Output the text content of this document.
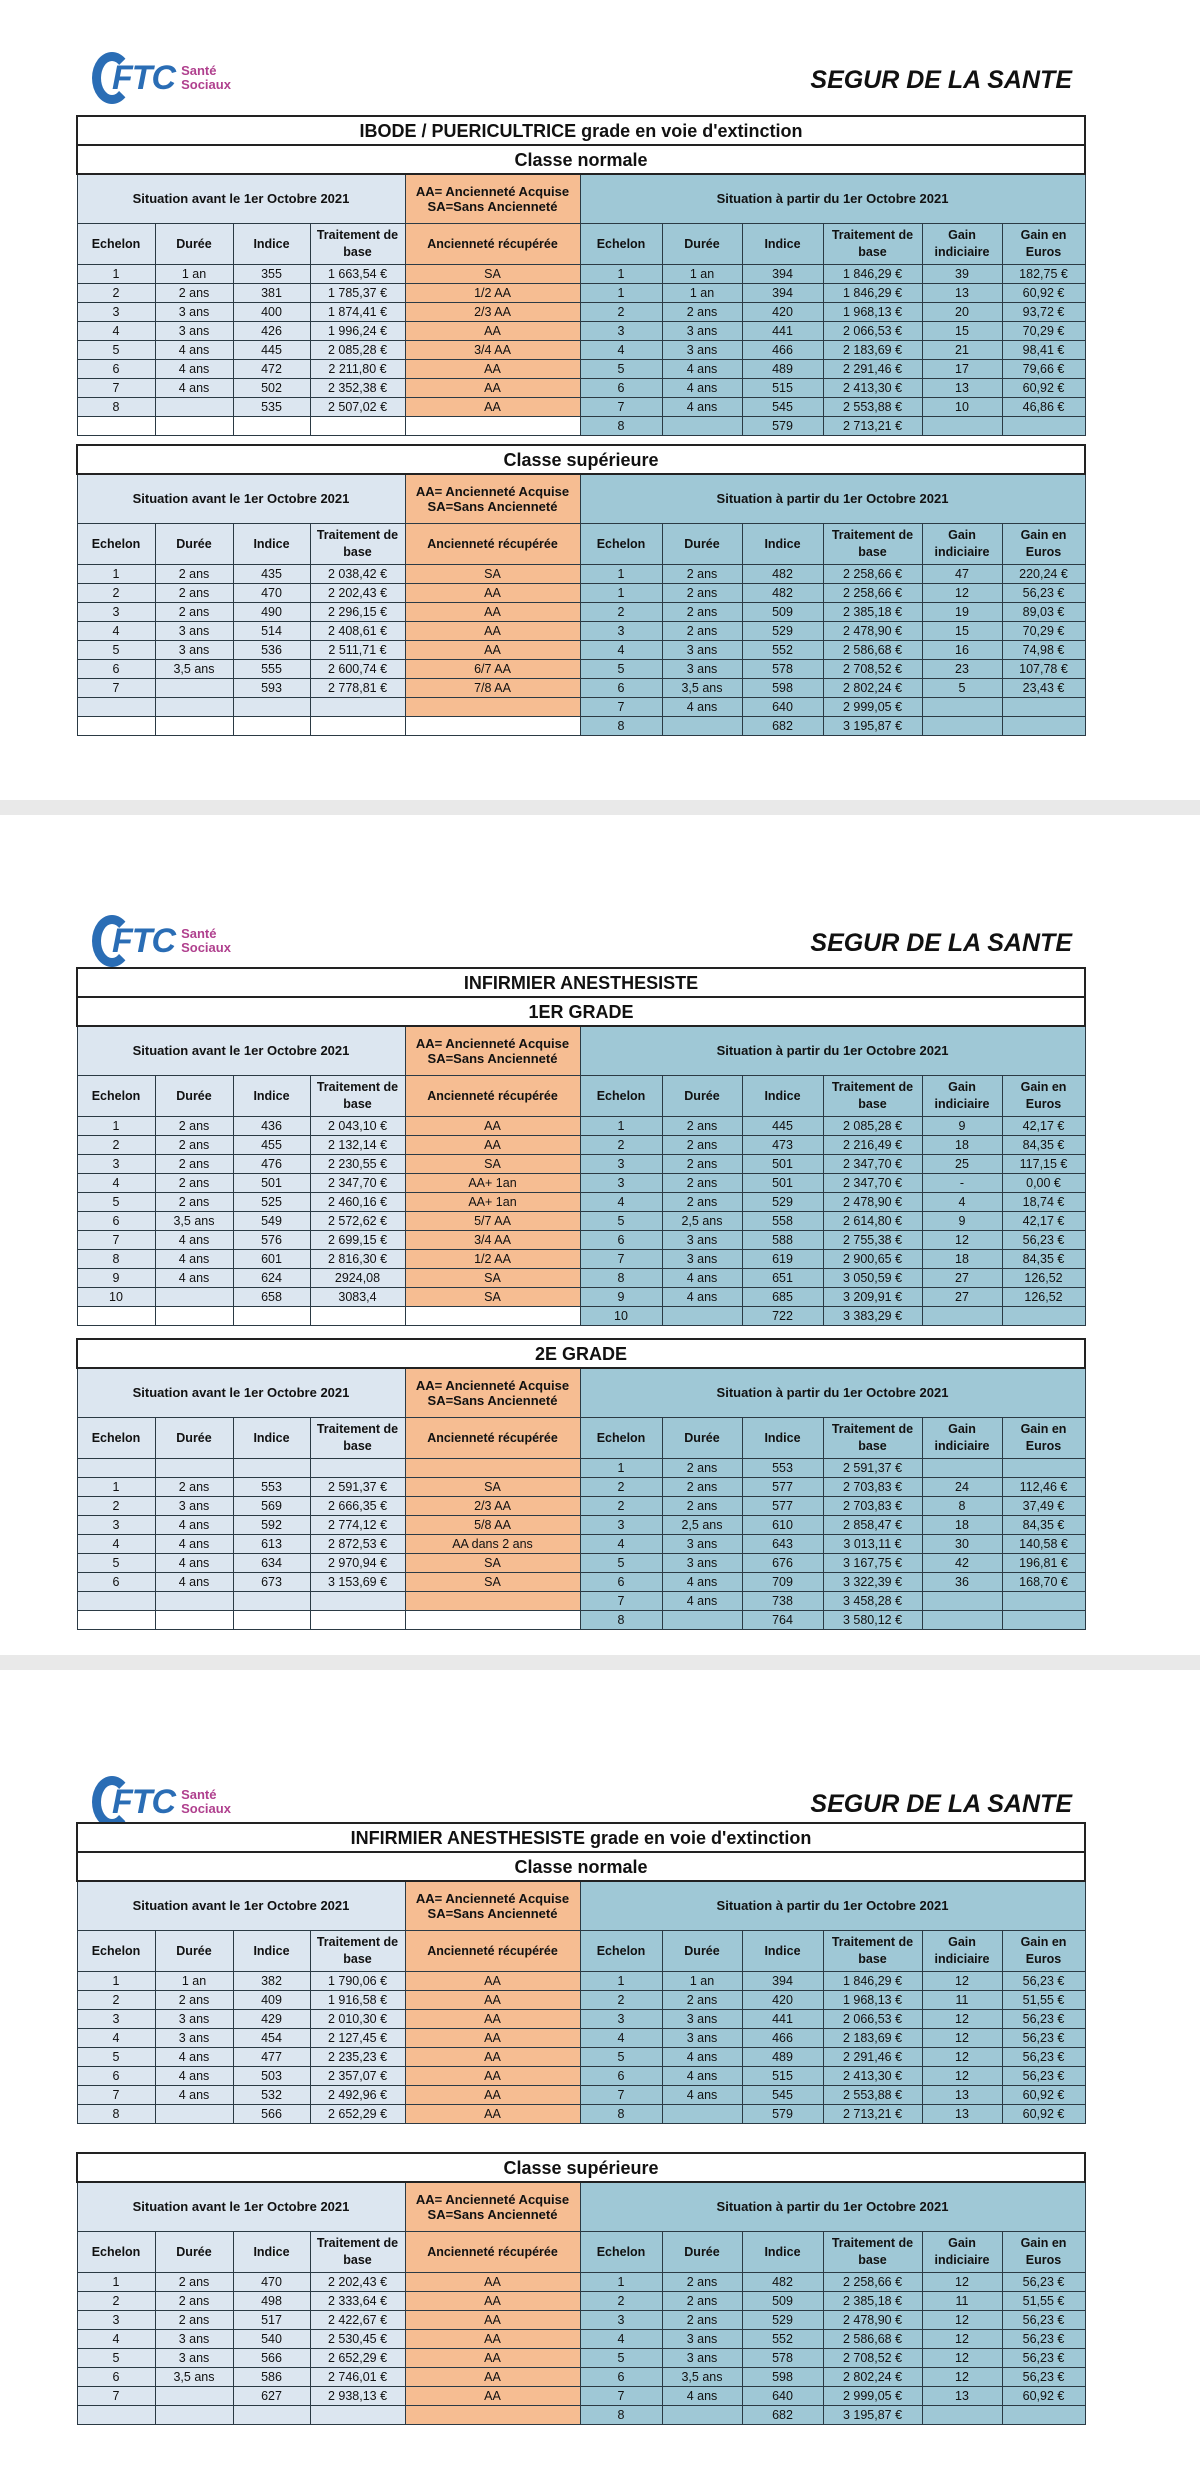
FTC Santé
Sociaux	SEGUR DE LA SANTE
IBODE / PUERICULTRICE grade en voie d'extinction										
Classe normale										
Situation avant le 1er Octobre 2021				AA= Ancienneté Acquise
SA=Sans Ancienneté	Situation à partir du 1er Octobre 2021					
Echelon	Durée	Indice	Traitement de base	Ancienneté récupérée	Echelon	Durée	Indice	Traitement de base	Gain indiciaire	Gain en Euros
1	1 an	355	1 663,54 €	SA	1	1 an	394	1 846,29 €	39	182,75 €
2	2 ans	381	1 785,37 €	1/2 AA	1	1 an	394	1 846,29 €	13	60,92 €
3	3 ans	400	1 874,41 €	2/3 AA	2	2 ans	420	1 968,13 €	20	93,72 €
4	3 ans	426	1 996,24 €	AA	3	3 ans	441	2 066,53 €	15	70,29 €
5	4 ans	445	2 085,28 €	3/4 AA	4	3 ans	466	2 183,69 €	21	98,41 €
6	4 ans	472	2 211,80 €	AA	5	4 ans	489	2 291,46 €	17	79,66 €
7	4 ans	502	2 352,38 €	AA	6	4 ans	515	2 413,30 €	13	60,92 €
8		535	2 507,02 €	AA	7	4 ans	545	2 553,88 €	10	46,86 €
					8		579	2 713,21 €		
Classe supérieure										
Situation avant le 1er Octobre 2021				AA= Ancienneté Acquise
SA=Sans Ancienneté	Situation à partir du 1er Octobre 2021					
Echelon	Durée	Indice	Traitement de base	Ancienneté récupérée	Echelon	Durée	Indice	Traitement de base	Gain indiciaire	Gain en Euros
1	2 ans	435	2 038,42 €	SA	1	2 ans	482	2 258,66 €	47	220,24 €
2	2 ans	470	2 202,43 €	AA	1	2 ans	482	2 258,66 €	12	56,23 €
3	2 ans	490	2 296,15 €	AA	2	2 ans	509	2 385,18 €	19	89,03 €
4	3 ans	514	2 408,61 €	AA	3	2 ans	529	2 478,90 €	15	70,29 €
5	3 ans	536	2 511,71 €	AA	4	3 ans	552	2 586,68 €	16	74,98 €
6	3,5 ans	555	2 600,74 €	6/7 AA	5	3 ans	578	2 708,52 €	23	107,78 €
7		593	2 778,81 €	7/8 AA	6	3,5 ans	598	2 802,24 €	5	23,43 €
					7	4 ans	640	2 999,05 €		
					8		682	3 195,87 €		
FTC Santé
Sociaux	SEGUR DE LA SANTE
INFIRMIER ANESTHESISTE										
1ER GRADE										
Situation avant le 1er Octobre 2021				AA= Ancienneté Acquise
SA=Sans Ancienneté	Situation à partir du 1er Octobre 2021					
Echelon	Durée	Indice	Traitement de base	Ancienneté récupérée	Echelon	Durée	Indice	Traitement de base	Gain indiciaire	Gain en Euros
1	2 ans	436	2 043,10 €	AA	1	2 ans	445	2 085,28 €	9	42,17 €
2	2 ans	455	2 132,14 €	AA	2	2 ans	473	2 216,49 €	18	84,35 €
3	2 ans	476	2 230,55 €	SA	3	2 ans	501	2 347,70 €	25	117,15 €
4	2 ans	501	2 347,70 €	AA+ 1an	3	2 ans	501	2 347,70 €	-	0,00 €
5	2 ans	525	2 460,16 €	AA+ 1an	4	2 ans	529	2 478,90 €	4	18,74 €
6	3,5 ans	549	2 572,62 €	5/7 AA	5	2,5 ans	558	2 614,80 €	9	42,17 €
7	4 ans	576	2 699,15 €	3/4 AA	6	3 ans	588	2 755,38 €	12	56,23 €
8	4 ans	601	2 816,30 €	1/2 AA	7	3 ans	619	2 900,65 €	18	84,35 €
9	4 ans	624	2924,08	SA	8	4 ans	651	3 050,59 €	27	126,52
10		658	3083,4	SA	9	4 ans	685	3 209,91 €	27	126,52
					10		722	3 383,29 €		
2E GRADE										
Situation avant le 1er Octobre 2021				AA= Ancienneté Acquise
SA=Sans Ancienneté	Situation à partir du 1er Octobre 2021					
Echelon	Durée	Indice	Traitement de base	Ancienneté récupérée	Echelon	Durée	Indice	Traitement de base	Gain indiciaire	Gain en Euros
					1	2 ans	553	2 591,37 €		
1	2 ans	553	2 591,37 €	SA	2	2 ans	577	2 703,83 €	24	112,46 €
2	3 ans	569	2 666,35 €	2/3 AA	2	2 ans	577	2 703,83 €	8	37,49 €
3	4 ans	592	2 774,12 €	5/8 AA	3	2,5 ans	610	2 858,47 €	18	84,35 €
4	4 ans	613	2 872,53 €	AA dans 2 ans	4	3 ans	643	3 013,11 €	30	140,58 €
5	4 ans	634	2 970,94 €	SA	5	3 ans	676	3 167,75 €	42	196,81 €
6	4 ans	673	3 153,69 €	SA	6	4 ans	709	3 322,39 €	36	168,70 €
					7	4 ans	738	3 458,28 €		
					8		764	3 580,12 €		
FTC Santé
Sociaux	SEGUR DE LA SANTE
INFIRMIER ANESTHESISTE grade en voie d'extinction										
Classe normale										
Situation avant le 1er Octobre 2021				AA= Ancienneté Acquise
SA=Sans Ancienneté	Situation à partir du 1er Octobre 2021					
Echelon	Durée	Indice	Traitement de base	Ancienneté récupérée	Echelon	Durée	Indice	Traitement de base	Gain indiciaire	Gain en Euros
1	1 an	382	1 790,06 €	AA	1	1 an	394	1 846,29 €	12	56,23 €
2	2 ans	409	1 916,58 €	AA	2	2 ans	420	1 968,13 €	11	51,55 €
3	3 ans	429	2 010,30 €	AA	3	3 ans	441	2 066,53 €	12	56,23 €
4	3 ans	454	2 127,45 €	AA	4	3 ans	466	2 183,69 €	12	56,23 €
5	4 ans	477	2 235,23 €	AA	5	4 ans	489	2 291,46 €	12	56,23 €
6	4 ans	503	2 357,07 €	AA	6	4 ans	515	2 413,30 €	12	56,23 €
7	4 ans	532	2 492,96 €	AA	7	4 ans	545	2 553,88 €	13	60,92 €
8		566	2 652,29 €	AA	8		579	2 713,21 €	13	60,92 €
Classe supérieure										
Situation avant le 1er Octobre 2021				AA= Ancienneté Acquise
SA=Sans Ancienneté	Situation à partir du 1er Octobre 2021					
Echelon	Durée	Indice	Traitement de base	Ancienneté récupérée	Echelon	Durée	Indice	Traitement de base	Gain indiciaire	Gain en Euros
1	2 ans	470	2 202,43 €	AA	1	2 ans	482	2 258,66 €	12	56,23 €
2	2 ans	498	2 333,64 €	AA	2	2 ans	509	2 385,18 €	11	51,55 €
3	2 ans	517	2 422,67 €	AA	3	2 ans	529	2 478,90 €	12	56,23 €
4	3 ans	540	2 530,45 €	AA	4	3 ans	552	2 586,68 €	12	56,23 €
5	3 ans	566	2 652,29 €	AA	5	3 ans	578	2 708,52 €	12	56,23 €
6	3,5 ans	586	2 746,01 €	AA	6	3,5 ans	598	2 802,24 €	12	56,23 €
7		627	2 938,13 €	AA	7	4 ans	640	2 999,05 €	13	60,92 €
					8		682	3 195,87 €		
